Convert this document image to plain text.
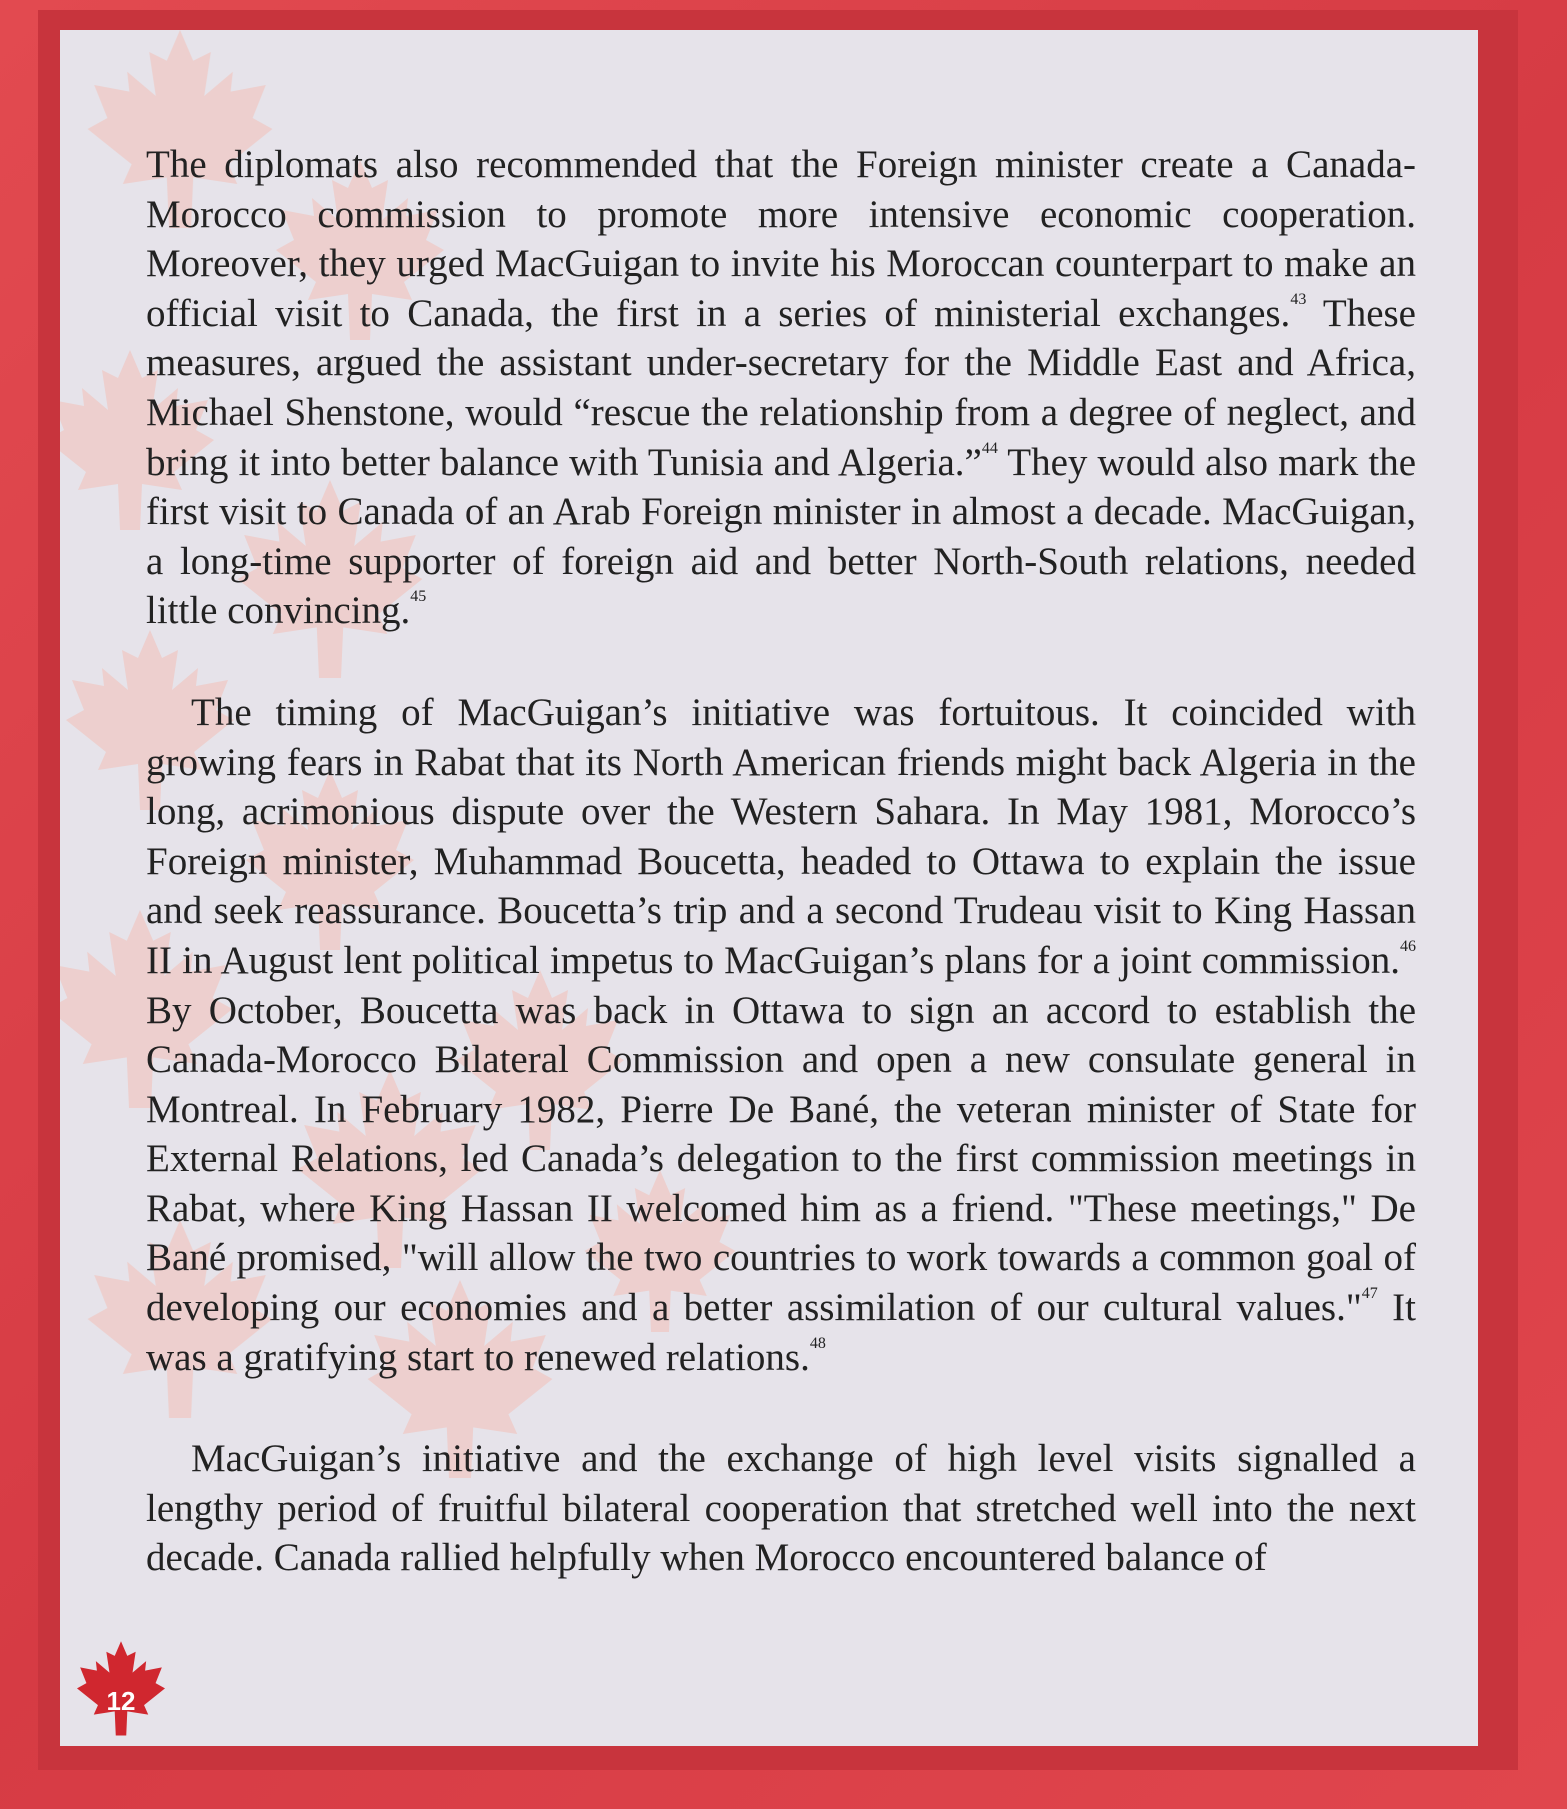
The diplomats also recommended that the Foreign minister create a Canada-Morocco commission to promote more intensive economic cooperation. Moreover, they urged MacGuigan to invite his Moroccan counterpart to make an official visit to Canada, the first in a series of ministerial exchanges.$^{43}$ These measures, argued the assistant under-secretary for the Middle East and Africa, Michael Shenstone, would “rescue the relationship from a degree of neglect, and bring it into better balance with Tunisia and Algeria.”$^{44}$ They would also mark the first visit to Canada of an Arab Foreign minister in almost a decade. MacGuigan, a long-time supporter of foreign aid and better North-South relations, needed little convincing.$^{45}$

The timing of MacGuigan’s initiative was fortuitous. It coincided with growing fears in Rabat that its North American friends might back Algeria in the long, acrimonious dispute over the Western Sahara. In May 1981, Morocco’s Foreign minister, Muhammad Boucetta, headed to Ottawa to explain the issue and seek reassurance. Boucetta’s trip and a second Trudeau visit to King Hassan II in August lent political impetus to MacGuigan’s plans for a joint commission.$^{46}$ By October, Boucetta was back in Ottawa to sign an accord to establish the Canada-Morocco Bilateral Commission and open a new consulate general in Montreal. In February 1982, Pierre De Bané, the veteran minister of State for External Relations, led Canada’s delegation to the first commission meetings in Rabat, where King Hassan II welcomed him as a friend. "These meetings," De Bané promised, "will allow the two countries to work towards a common goal of developing our economies and a better assimilation of our cultural values."$^{47}$ It was a gratifying start to renewed relations.$^{48}$

MacGuigan’s initiative and the exchange of high level visits signalled a lengthy period of fruitful bilateral cooperation that stretched well into the next decade. Canada rallied helpfully when Morocco encountered balance of

12
